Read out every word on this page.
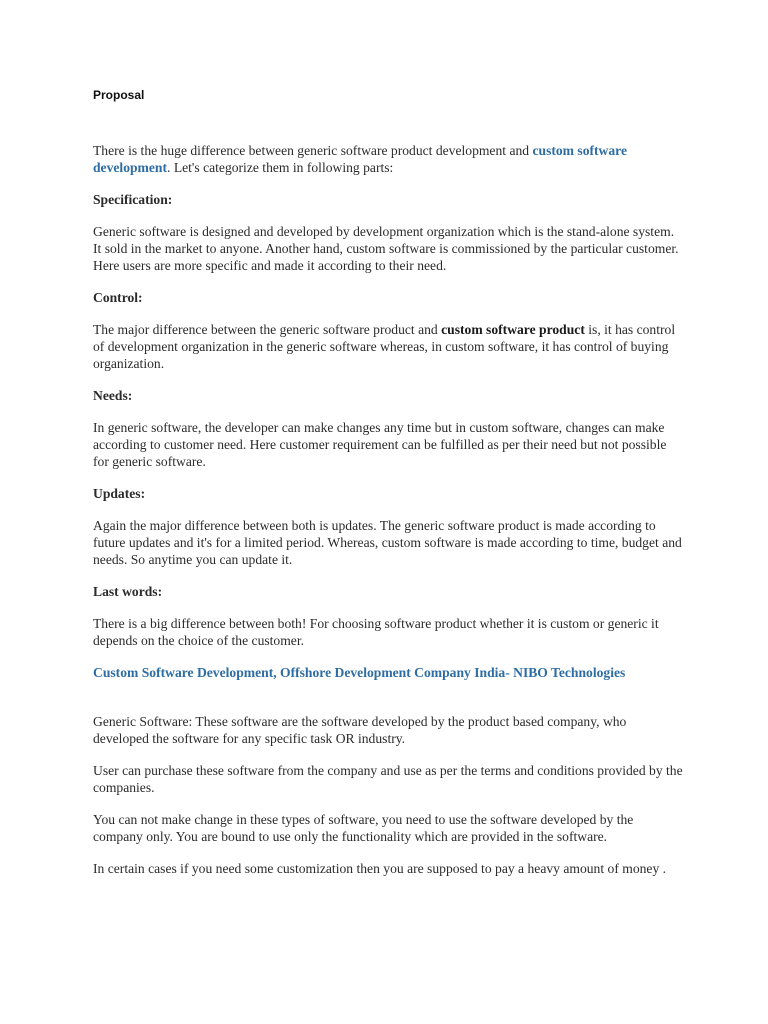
Proposal

There is the huge difference between generic software product development and custom software development. Let's categorize them in following parts:

Specification:

Generic software is designed and developed by development organization which is the stand-alone system. It sold in the market to anyone. Another hand, custom software is commissioned by the particular customer. Here users are more specific and made it according to their need.

Control:

The major difference between the generic software product and custom software product is, it has control of development organization in the generic software whereas, in custom software, it has control of buying organization.

Needs:

In generic software, the developer can make changes any time but in custom software, changes can make according to customer need. Here customer requirement can be fulfilled as per their need but not possible for generic software.

Updates:

Again the major difference between both is updates. The generic software product is made according to future updates and it's for a limited period. Whereas, custom software is made according to time, budget and needs. So anytime you can update it.

Last words:

There is a big difference between both! For choosing software product whether it is custom or generic it depends on the choice of the customer.

Custom Software Development, Offshore Development Company India- NIBO Technologies

Generic Software: These software are the software developed by the product based company, who developed the software for any specific task OR industry.

User can purchase these software from the company and use as per the terms and conditions provided by the companies.

You can not make change in these types of software, you need to use the software developed by the company only. You are bound to use only the functionality which are provided in the software.

In certain cases if you need some customization then you are supposed to pay a heavy amount of money .
